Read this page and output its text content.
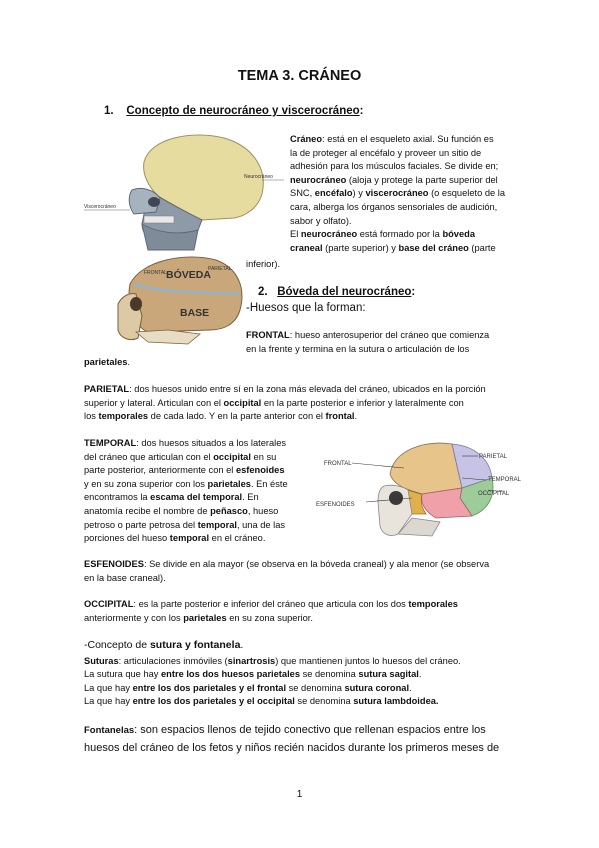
TEMA 3. CRÁNEO
1. Concepto de neurocráneo y viscerocráneo:
Neurocráneo
Viscerocráneo
BÓVEDA
BASE
FRONTAL
PARIETAL
Cráneo: está en el esqueleto axial. Su función es
la de proteger al encéfalo y proveer un sitio de
adhesión para los músculos faciales. Se divide en;
neurocráneo (aloja y protege la parte superior del
SNC, encéfalo) y viscerocráneo (o esqueleto de la
cara, alberga los órganos sensoriales de audición,
sabor y olfato).
El neurocráneo está formado por la bóveda
craneal (parte superior) y base del cráneo (parte
inferior).
2. Bóveda del neurocráneo:
-Huesos que la forman:
FRONTAL: hueso anterosuperior del cráneo que comienza
en la frente y termina en la sutura o articulación de los
parietales.
PARIETAL: dos huesos unido entre sí en la zona más elevada del cráneo, ubicados en la porción
superior y lateral. Articulan con el occipital en la parte posterior e inferior y lateralmente con
los temporales de cada lado. Y en la parte anterior con el frontal.
TEMPORAL: dos huesos situados a los laterales
del cráneo que articulan con el occipital en su
parte posterior, anteriormente con el esfenoides
y en su zona superior con los parietales. En éste
encontramos la escama del temporal. En
anatomía recibe el nombre de peñasco, hueso
petroso o parte petrosa del temporal, una de las
porciones del hueso temporal en el cráneo.
FRONTAL
PARIETAL
TEMPORAL
OCCIPITAL
ESFENOIDES
ESFENOIDES: Se divide en ala mayor (se observa en la bóveda craneal) y ala menor (se observa
en la base craneal).
OCCIPITAL: es la parte posterior e inferior del cráneo que articula con los dos temporales
anteriormente y con los parietales en su zona superior.
-Concepto de sutura y fontanela.
Suturas: articulaciones inmóviles (sinartrosis) que mantienen juntos lo huesos del cráneo.
La sutura que hay entre los dos huesos parietales se denomina sutura sagital.
La que hay entre los dos parietales y el frontal se denomina sutura coronal.
La que hay entre los dos parietales y el occipital se denomina sutura lambdoidea.
Fontanelas: son espacios llenos de tejido conectivo que rellenan espacios entre los
huesos del cráneo de los fetos y niños recién nacidos durante los primeros meses de
1
